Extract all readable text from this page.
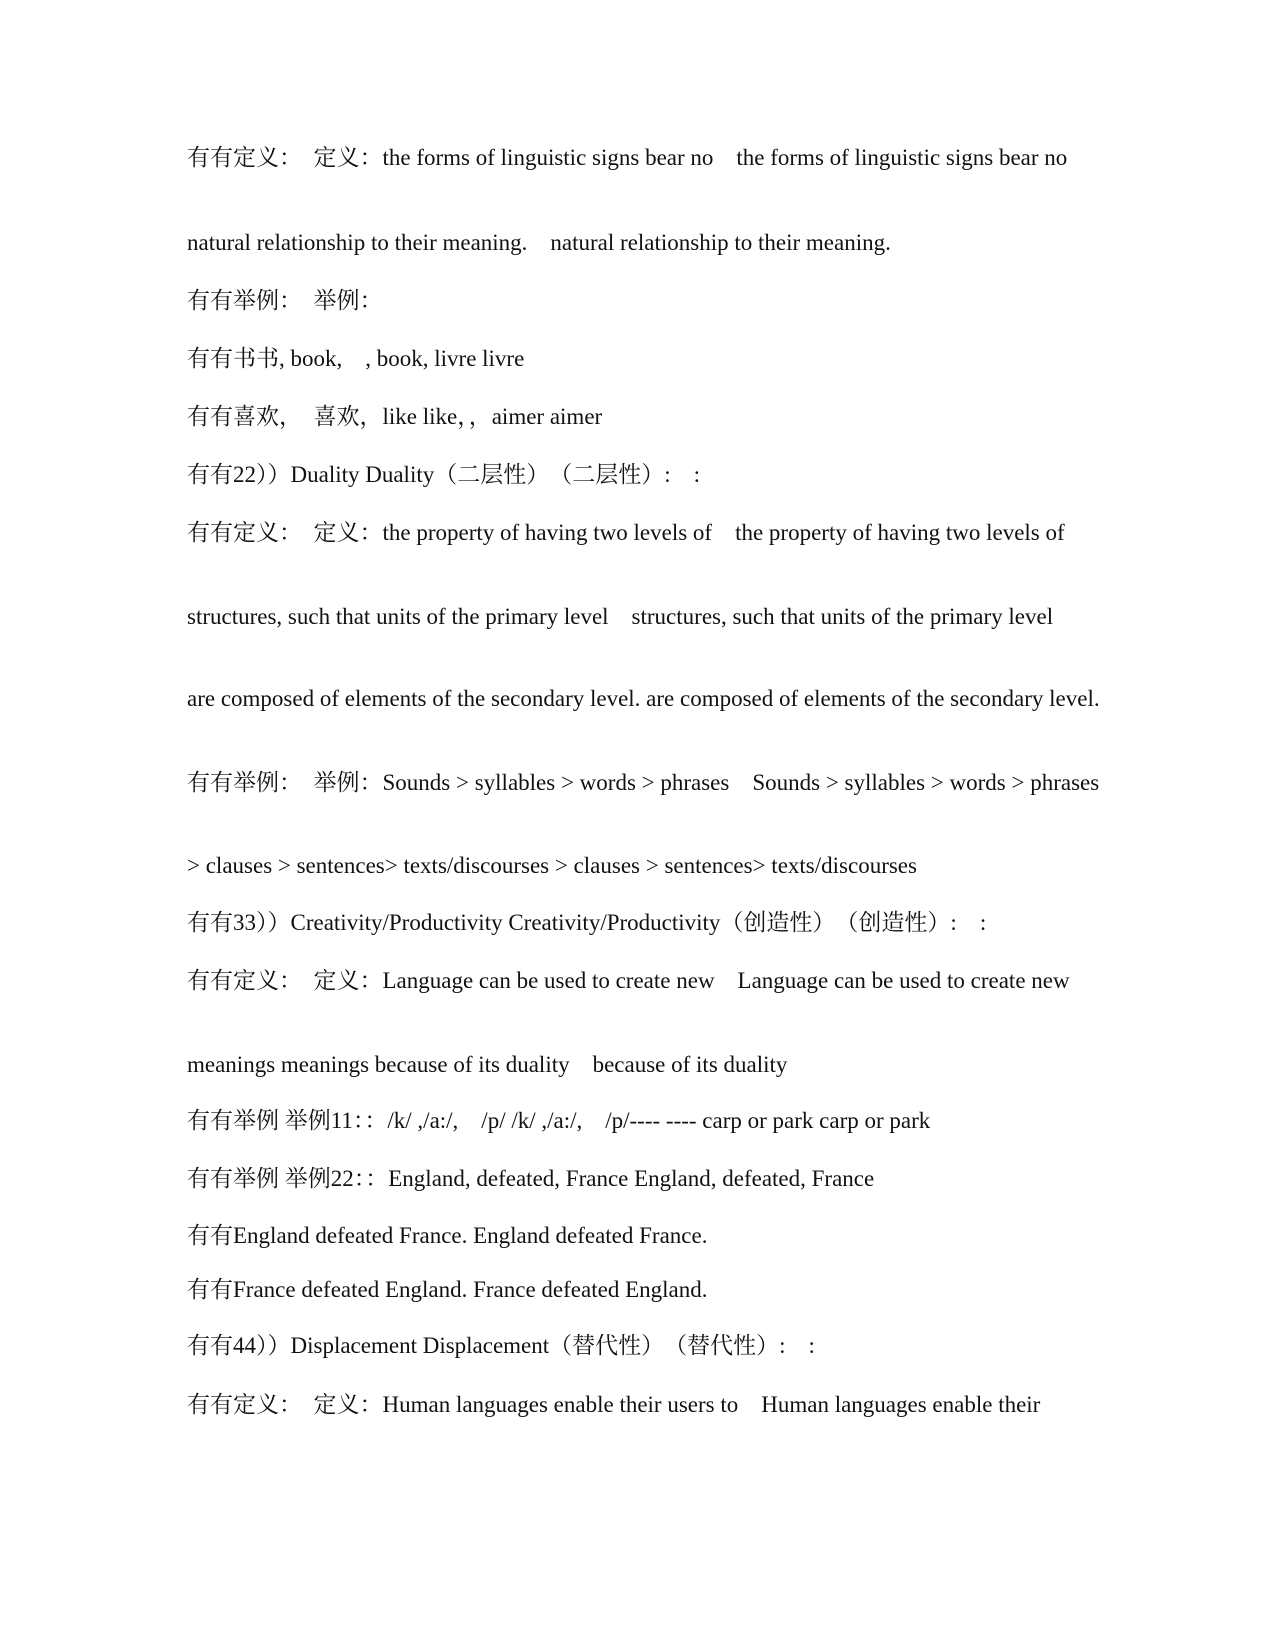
有有定义：　定义：the forms of linguistic signs bear no　the forms of linguistic signs bear no
natural relationship to their meaning.　natural relationship to their meaning.
有有举例：　举例：
有有书书, book,　, book, livre livre
有有喜欢，　喜欢，like like，，aimer aimer
有有22））Duality Duality（二层性）　（二层性）:　:
有有定义：　定义：the property of having two levels of　the property of having two levels of
structures, such that units of the primary level　structures, such that units of the primary level
are composed of elements of the secondary level. are composed of elements of the secondary level.
有有举例：　举例：Sounds > syllables > words > phrases　Sounds > syllables > words > phrases
> clauses > sentences> texts/discourses > clauses > sentences> texts/discourses
有有33））Creativity/Productivity Creativity/Productivity（创造性）　（创造性）:　:
有有定义：　定义：Language can be used to create new　Language can be used to create new
meanings meanings because of its duality　because of its duality
有有举例 举例11：：/k/ ,/a:/,　/p/ /k/ ,/a:/,　/p/---- ---- carp or park carp or park
有有举例 举例22：：England, defeated, France England, defeated, France
有有England defeated France. England defeated France.
有有France defeated England. France defeated England.
有有44））Displacement Displacement（替代性）　（替代性）:　:
有有定义：　定义：Human languages enable their users to　Human languages enable their
